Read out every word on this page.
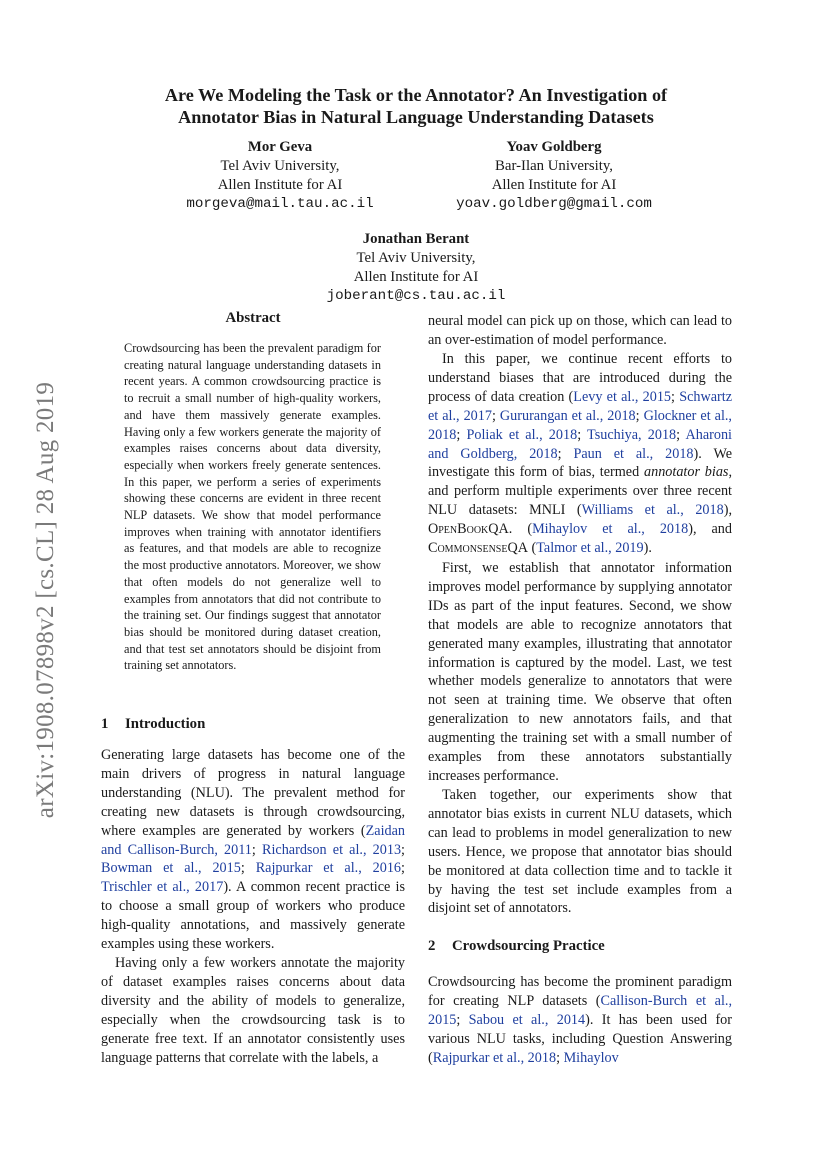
Are We Modeling the Task or the Annotator? An Investigation of
Annotator Bias in Natural Language Understanding Datasets
Mor Geva
Tel Aviv University,
Allen Institute for AI
morgeva@mail.tau.ac.il
Yoav Goldberg
Bar-Ilan University,
Allen Institute for AI
yoav.goldberg@gmail.com
Jonathan Berant
Tel Aviv University,
Allen Institute for AI
joberant@cs.tau.ac.il
arXiv:1908.07898v2 [cs.CL] 28 Aug 2019
Abstract

Crowdsourcing has been the prevalent paradigm for creating natural language understanding datasets in recent years. A common crowdsourcing practice is to recruit a small number of high-quality workers, and have them massively generate examples. Having only a few workers generate the majority of examples raises concerns about data diversity, especially when workers freely generate sentences. In this paper, we perform a series of experiments showing these concerns are evident in three recent NLP datasets. We show that model performance improves when training with annotator identifiers as features, and that models are able to recognize the most productive annotators. Moreover, we show that often models do not generalize well to examples from annotators that did not contribute to the training set. Our findings suggest that annotator bias should be monitored during dataset creation, and that test set annotators should be disjoint from training set annotators.

1 Introduction

Generating large datasets has become one of the main drivers of progress in natural language understanding (NLU). The prevalent method for creating new datasets is through crowdsourcing, where examples are generated by workers (Zaidan and Callison-Burch, 2011; Richardson et al., 2013; Bowman et al., 2015; Rajpurkar et al., 2016; Trischler et al., 2017). A common recent practice is to choose a small group of workers who produce high-quality annotations, and massively generate examples using these workers.

Having only a few workers annotate the majority of dataset examples raises concerns about data diversity and the ability of models to generalize, especially when the crowdsourcing task is to generate free text. If an annotator consistently uses language patterns that correlate with the labels, a

neural model can pick up on those, which can lead to an over-estimation of model performance.

In this paper, we continue recent efforts to understand biases that are introduced during the process of data creation (Levy et al., 2015; Schwartz et al., 2017; Gururangan et al., 2018; Glockner et al., 2018; Poliak et al., 2018; Tsuchiya, 2018; Aharoni and Goldberg, 2018; Paun et al., 2018). We investigate this form of bias, termed annotator bias, and perform multiple experiments over three recent NLU datasets: MNLI (Williams et al., 2018), OpenBookQA. (Mihaylov et al., 2018), and CommonsenseQA (Talmor et al., 2019).

First, we establish that annotator information improves model performance by supplying annotator IDs as part of the input features. Second, we show that models are able to recognize annotators that generated many examples, illustrating that annotator information is captured by the model. Last, we test whether models generalize to annotators that were not seen at training time. We observe that often generalization to new annotators fails, and that augmenting the training set with a small number of examples from these annotators substantially increases performance.

Taken together, our experiments show that annotator bias exists in current NLU datasets, which can lead to problems in model generalization to new users. Hence, we propose that annotator bias should be monitored at data collection time and to tackle it by having the test set include examples from a disjoint set of annotators.

2 Crowdsourcing Practice

Crowdsourcing has become the prominent paradigm for creating NLP datasets (Callison-Burch et al., 2015; Sabou et al., 2014). It has been used for various NLU tasks, including Question Answering (Rajpurkar et al., 2018; Mihaylov
